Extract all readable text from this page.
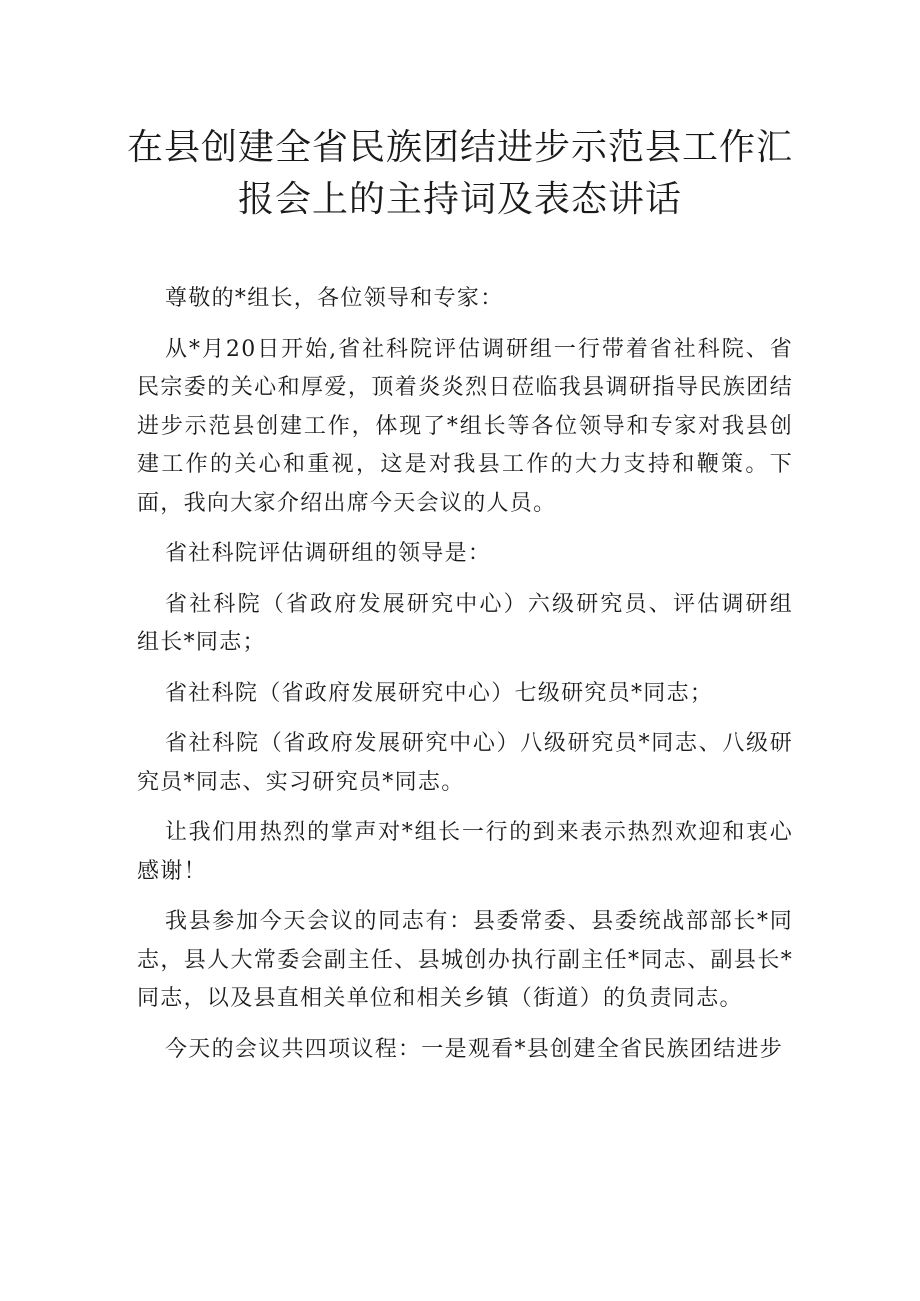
在县创建全省民族团结进步示范县工作汇
报会上的主持词及表态讲话

尊敬的*组长，各位领导和专家：

从*月20日开始,省社科院评估调研组一行带着省社科院、省民宗委的关心和厚爱，顶着炎炎烈日莅临我县调研指导民族团结进步示范县创建工作，体现了*组长等各位领导和专家对我县创建工作的关心和重视，这是对我县工作的大力支持和鞭策。下面，我向大家介绍出席今天会议的人员。

省社科院评估调研组的领导是：

省社科院（省政府发展研究中心）六级研究员、评估调研组组长*同志；

省社科院（省政府发展研究中心）七级研究员*同志；

省社科院（省政府发展研究中心）八级研究员*同志、八级研究员*同志、实习研究员*同志。

让我们用热烈的掌声对*组长一行的到来表示热烈欢迎和衷心感谢！

我县参加今天会议的同志有：县委常委、县委统战部部长*同志，县人大常委会副主任、县城创办执行副主任*同志、副县长*同志，以及县直相关单位和相关乡镇（街道）的负责同志。

今天的会议共四项议程：一是观看*县创建全省民族团结进步
